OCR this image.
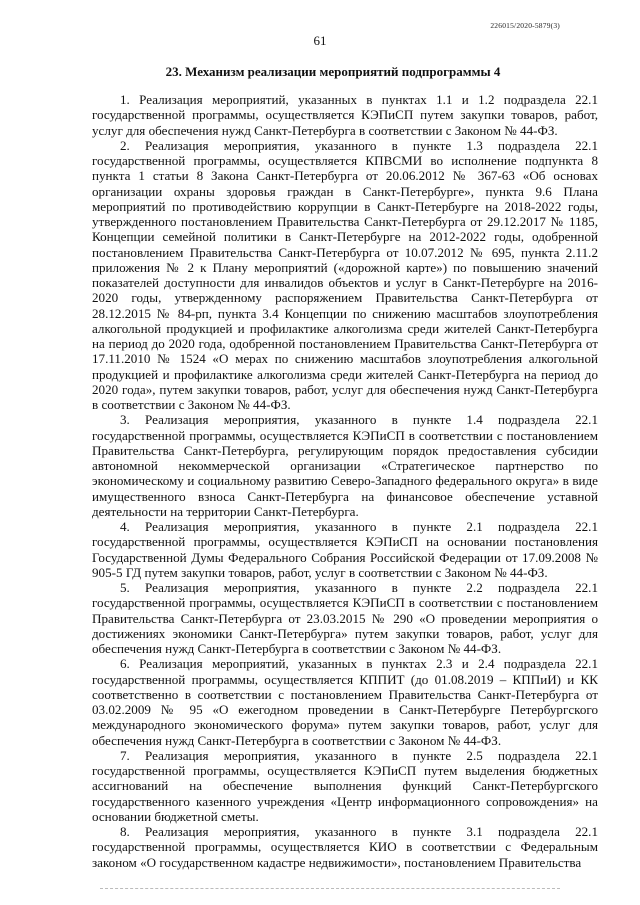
226015/2020-5879(3)
61
23. Механизм реализации мероприятий подпрограммы 4

1. Реализация мероприятий, указанных в пунктах 1.1 и 1.2 подраздела 22.1 государственной программы, осуществляется КЭПиСП путем закупки товаров, работ, услуг для обеспечения нужд Санкт-Петербурга в соответствии с Законом № 44-ФЗ.

2. Реализация мероприятия, указанного в пункте 1.3 подраздела 22.1 государственной программы, осуществляется КПВСМИ во исполнение подпункта 8 пункта 1 статьи 8 Закона Санкт-Петербурга от 20.06.2012 № 367-63 «Об основах организации охраны здоровья граждан в Санкт-Петербурге», пункта 9.6 Плана мероприятий по противодействию коррупции в Санкт-Петербурге на 2018-2022 годы, утвержденного постановлением Правительства Санкт-Петербурга от 29.12.2017 № 1185, Концепции семейной политики в Санкт-Петербурге на 2012-2022 годы, одобренной постановлением Правительства Санкт-Петербурга от 10.07.2012 № 695, пункта 2.11.2 приложения № 2 к Плану мероприятий («дорожной карте») по повышению значений показателей доступности для инвалидов объектов и услуг в Санкт-Петербурге на 2016-2020 годы, утвержденному распоряжением Правительства Санкт-Петербурга от 28.12.2015 № 84-рп, пункта 3.4 Концепции по снижению масштабов злоупотребления алкогольной продукцией и профилактике алкоголизма среди жителей Санкт-Петербурга на период до 2020 года, одобренной постановлением Правительства Санкт-Петербурга от 17.11.2010 № 1524 «О мерах по снижению масштабов злоупотребления алкогольной продукцией и профилактике алкоголизма среди жителей Санкт-Петербурга на период до 2020 года», путем закупки товаров, работ, услуг для обеспечения нужд Санкт-Петербурга в соответствии с Законом № 44-ФЗ.

3. Реализация мероприятия, указанного в пункте 1.4 подраздела 22.1 государственной программы, осуществляется КЭПиСП в соответствии с постановлением Правительства Санкт-Петербурга, регулирующим порядок предоставления субсидии автономной некоммерческой организации «Стратегическое партнерство по экономическому и социальному развитию Северо-Западного федерального округа» в виде имущественного взноса Санкт-Петербурга на финансовое обеспечение уставной деятельности на территории Санкт-Петербурга.

4. Реализация мероприятия, указанного в пункте 2.1 подраздела 22.1 государственной программы, осуществляется КЭПиСП на основании постановления Государственной Думы Федерального Собрания Российской Федерации от 17.09.2008 № 905-5 ГД путем закупки товаров, работ, услуг в соответствии с Законом № 44-ФЗ.

5. Реализация мероприятия, указанного в пункте 2.2 подраздела 22.1 государственной программы, осуществляется КЭПиСП в соответствии с постановлением Правительства Санкт-Петербурга от 23.03.2015 № 290 «О проведении мероприятия о достижениях экономики Санкт-Петербурга» путем закупки товаров, работ, услуг для обеспечения нужд Санкт-Петербурга в соответствии с Законом № 44-ФЗ.

6. Реализация мероприятий, указанных в пунктах 2.3 и 2.4 подраздела 22.1 государственной программы, осуществляется КППИТ (до 01.08.2019 – КППиИ) и КК соответственно в соответствии с постановлением Правительства Санкт-Петербурга от 03.02.2009 № 95 «О ежегодном проведении в Санкт-Петербурге Петербургского международного экономического форума» путем закупки товаров, работ, услуг для обеспечения нужд Санкт-Петербурга в соответствии с Законом № 44-ФЗ.

7. Реализация мероприятия, указанного в пункте 2.5 подраздела 22.1 государственной программы, осуществляется КЭПиСП путем выделения бюджетных ассигнований на обеспечение выполнения функций Санкт-Петербургского государственного казенного учреждения «Центр информационного сопровождения» на основании бюджетной сметы.

8. Реализация мероприятия, указанного в пункте 3.1 подраздела 22.1 государственной программы, осуществляется КИО в соответствии с Федеральным законом «О государственном кадастре недвижимости», постановлением Правительства
